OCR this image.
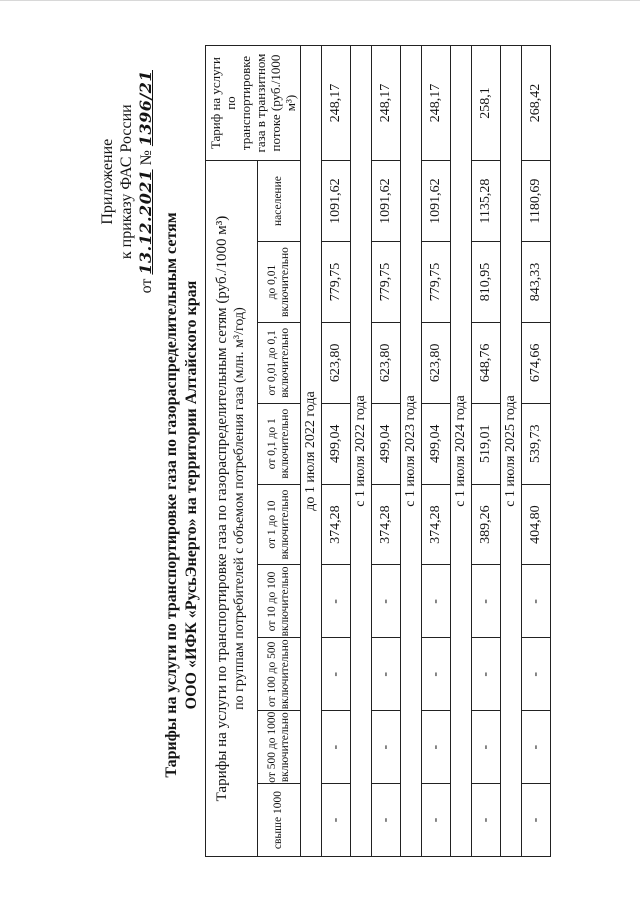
Приложение к приказу ФАС России
от 13.12.2021 № 1396/21
Тарифы на услуги по транспортировке газа по газораспределительным сетям ООО «ИФК «РусьЭнерго» на территории Алтайского края Тарифы на услуги по транспортировке газа по газораспределительным сетям (руб./1000 м³) по группам потребителей с объемом потребления газа (млн. м³/год)									Тариф на услуги по транспортировке газа в транзитном потоке (руб./1000 м³)
свыше 1000	от 500 до 1000 включительно	от 100 до 500 включительно	от 10 до 100 включительно	от 1 до 10 включительно	от 0,1 до 1 включительно	от 0,01 до 0,1 включительно	до 0,01 включительно	население	
до 1 июля 2022 года									
-	-	-	-	374,28	499,04	623,80	779,75	1091,62	248,17
с 1 июля 2022 года									
-	-	-	-	374,28	499,04	623,80	779,75	1091,62	248,17
с 1 июля 2023 года									
-	-	-	-	374,28	499,04	623,80	779,75	1091,62	248,17
с 1 июля 2024 года									
-	-	-	-	389,26	519,01	648,76	810,95	1135,28	258,1
с 1 июля 2025 года									
-	-	-	-	404,80	539,73	674,66	843,33	1180,69	268,42
